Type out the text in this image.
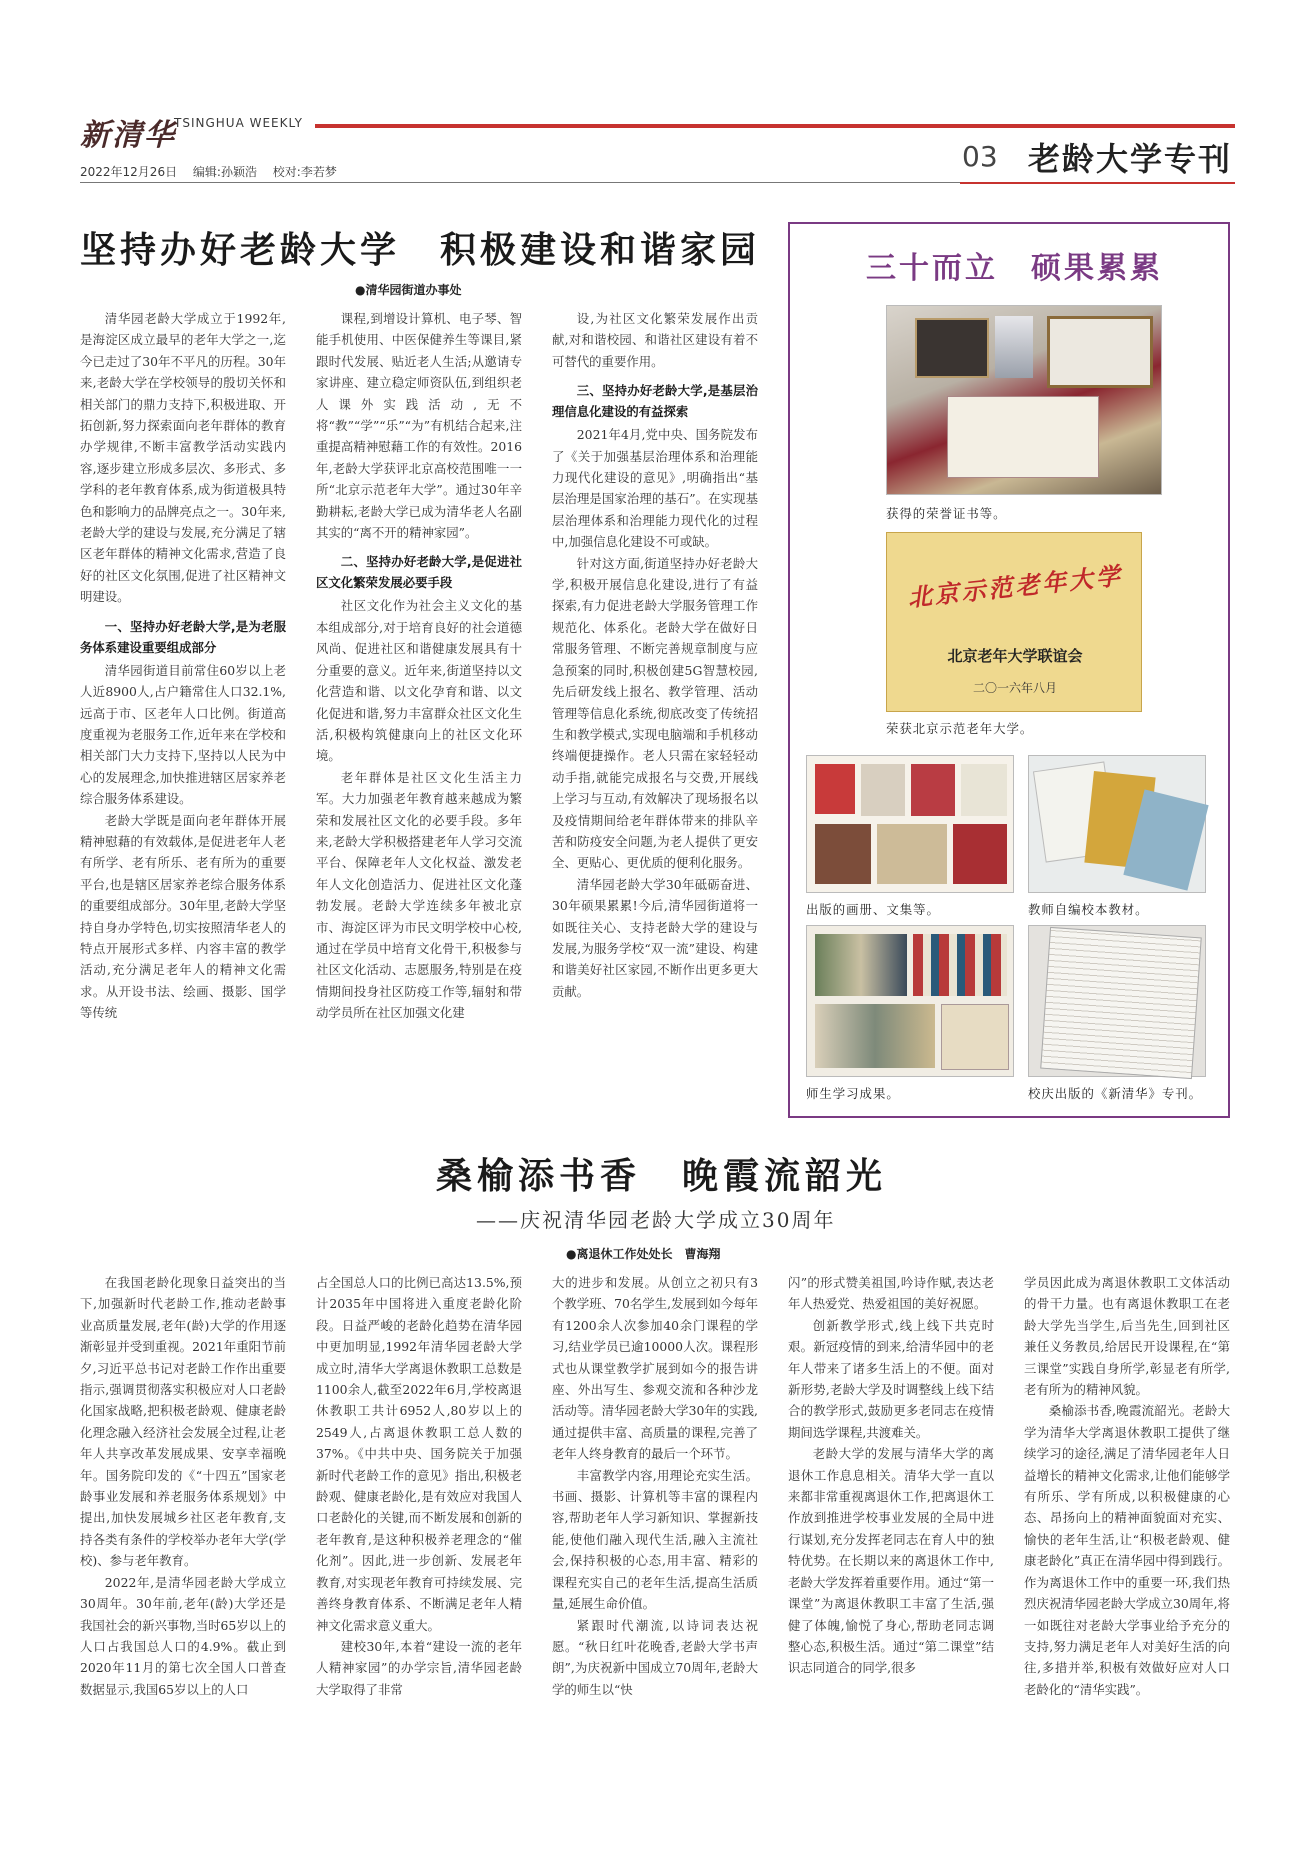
新清华
TSINGHUA WEEKLY
2022年12月26日 编辑:孙颖浩 校对:李若梦	03 老龄大学专刊
坚持办好老龄大学　积极建设和谐家园
●清华园街道办事处

清华园老龄大学成立于1992年,是海淀区成立最早的老年大学之一,迄今已走过了30年不平凡的历程。30年来,老龄大学在学校领导的殷切关怀和相关部门的鼎力支持下,积极进取、开拓创新,努力探索面向老年群体的教育办学规律,不断丰富教学活动实践内容,逐步建立形成多层次、多形式、多学科的老年教育体系,成为街道极具特色和影响力的品牌亮点之一。30年来,老龄大学的建设与发展,充分满足了辖区老年群体的精神文化需求,营造了良好的社区文化氛围,促进了社区精神文明建设。

一、坚持办好老龄大学,是为老服务体系建设重要组成部分

清华园街道目前常住60岁以上老人近8900人,占户籍常住人口32.1%,远高于市、区老年人口比例。街道高度重视为老服务工作,近年来在学校和相关部门大力支持下,坚持以人民为中心的发展理念,加快推进辖区居家养老综合服务体系建设。

老龄大学既是面向老年群体开展精神慰藉的有效载体,是促进老年人老有所学、老有所乐、老有所为的重要平台,也是辖区居家养老综合服务体系的重要组成部分。30年里,老龄大学坚持自身办学特色,切实按照清华老人的特点开展形式多样、内容丰富的教学活动,充分满足老年人的精神文化需求。从开设书法、绘画、摄影、国学等传统

课程,到增设计算机、电子琴、智能手机使用、中医保健养生等课目,紧跟时代发展、贴近老人生活;从邀请专家讲座、建立稳定师资队伍,到组织老人课外实践活动,无不将“教”“学”“乐”“为”有机结合起来,注重提高精神慰藉工作的有效性。2016年,老龄大学获评北京高校范围唯一一所“北京示范老年大学”。通过30年辛勤耕耘,老龄大学已成为清华老人名副其实的“离不开的精神家园”。

二、坚持办好老龄大学,是促进社区文化繁荣发展必要手段

社区文化作为社会主义文化的基本组成部分,对于培育良好的社会道德风尚、促进社区和谐健康发展具有十分重要的意义。近年来,街道坚持以文化营造和谐、以文化孕育和谐、以文化促进和谐,努力丰富群众社区文化生活,积极构筑健康向上的社区文化环境。

老年群体是社区文化生活主力军。大力加强老年教育越来越成为繁荣和发展社区文化的必要手段。多年来,老龄大学积极搭建老年人学习交流平台、保障老年人文化权益、激发老年人文化创造活力、促进社区文化蓬勃发展。老龄大学连续多年被北京市、海淀区评为市民文明学校中心校,通过在学员中培育文化骨干,积极参与社区文化活动、志愿服务,特别是在疫情期间投身社区防疫工作等,辐射和带动学员所在社区加强文化建

设,为社区文化繁荣发展作出贡献,对和谐校园、和谐社区建设有着不可替代的重要作用。

三、坚持办好老龄大学,是基层治理信息化建设的有益探索

2021年4月,党中央、国务院发布了《关于加强基层治理体系和治理能力现代化建设的意见》,明确指出“基层治理是国家治理的基石”。在实现基层治理体系和治理能力现代化的过程中,加强信息化建设不可或缺。

针对这方面,街道坚持办好老龄大学,积极开展信息化建设,进行了有益探索,有力促进老龄大学服务管理工作规范化、体系化。老龄大学在做好日常服务管理、不断完善规章制度与应急预案的同时,积极创建5G智慧校园,先后研发线上报名、教学管理、活动管理等信息化系统,彻底改变了传统招生和教学模式,实现电脑端和手机移动终端便捷操作。老人只需在家轻轻动动手指,就能完成报名与交费,开展线上学习与互动,有效解决了现场报名以及疫情期间给老年群体带来的排队辛苦和防疫安全问题,为老人提供了更安全、更贴心、更优质的便利化服务。

清华园老龄大学30年砥砺奋进、30年硕果累累!今后,清华园街道将一如既往关心、支持老龄大学的建设与发展,为服务学校“双一流”建设、构建和谐美好社区家园,不断作出更多更大贡献。

三十而立　硕果累累
获得的荣誉证书等。
北京示范老年大学
北京老年大学联谊会
二〇一六年八月
荣获北京示范老年大学。
出版的画册、文集等。	教师自编校本教材。
师生学习成果。	校庆出版的《新清华》专刊。
桑榆添书香　晚霞流韶光
——庆祝清华园老龄大学成立30周年
●离退休工作处处长　曹海翔

在我国老龄化现象日益突出的当下,加强新时代老龄工作,推动老龄事业高质量发展,老年(龄)大学的作用逐渐彰显并受到重视。2021年重阳节前夕,习近平总书记对老龄工作作出重要指示,强调贯彻落实积极应对人口老龄化国家战略,把积极老龄观、健康老龄化理念融入经济社会发展全过程,让老年人共享改革发展成果、安享幸福晚年。国务院印发的《“十四五”国家老龄事业发展和养老服务体系规划》中提出,加快发展城乡社区老年教育,支持各类有条件的学校举办老年大学(学校)、参与老年教育。

2022年,是清华园老龄大学成立30周年。30年前,老年(龄)大学还是我国社会的新兴事物,当时65岁以上的人口占我国总人口的4.9%。截止到2020年11月的第七次全国人口普查数据显示,我国65岁以上的人口

占全国总人口的比例已高达13.5%,预计2035年中国将进入重度老龄化阶段。日益严峻的老龄化趋势在清华园中更加明显,1992年清华园老龄大学成立时,清华大学离退休教职工总数是1100余人,截至2022年6月,学校离退休教职工共计6952人,80岁以上的2549人,占离退休教职工总人数的37%。《中共中央、国务院关于加强新时代老龄工作的意见》指出,积极老龄观、健康老龄化,是有效应对我国人口老龄化的关键,而不断发展和创新的老年教育,是这种积极养老理念的“催化剂”。因此,进一步创新、发展老年教育,对实现老年教育可持续发展、完善终身教育体系、不断满足老年人精神文化需求意义重大。

建校30年,本着“建设一流的老年人精神家园”的办学宗旨,清华园老龄大学取得了非常

大的进步和发展。从创立之初只有3个教学班、70名学生,发展到如今每年有1200余人次参加40余门课程的学习,结业学员已逾10000人次。课程形式也从课堂教学扩展到如今的报告讲座、外出写生、参观交流和各种沙龙活动等。清华园老龄大学30年的实践,通过提供丰富、高质量的课程,完善了老年人终身教育的最后一个环节。

丰富教学内容,用理论充实生活。书画、摄影、计算机等丰富的课程内容,帮助老年人学习新知识、掌握新技能,使他们融入现代生活,融入主流社会,保持积极的心态,用丰富、精彩的课程充实自己的老年生活,提高生活质量,延展生命价值。

紧跟时代潮流,以诗词表达祝愿。“秋日红叶花晚香,老龄大学书声朗”,为庆祝新中国成立70周年,老龄大学的师生以“快

闪”的形式赞美祖国,吟诗作赋,表达老年人热爱党、热爱祖国的美好祝愿。

创新教学形式,线上线下共克时艰。新冠疫情的到来,给清华园中的老年人带来了诸多生活上的不便。面对新形势,老龄大学及时调整线上线下结合的教学形式,鼓励更多老同志在疫情期间选学课程,共渡难关。

老龄大学的发展与清华大学的离退休工作息息相关。清华大学一直以来都非常重视离退休工作,把离退休工作放到推进学校事业发展的全局中进行谋划,充分发挥老同志在育人中的独特优势。在长期以来的离退休工作中,老龄大学发挥着重要作用。通过“第一课堂”为离退休教职工丰富了生活,强健了体魄,愉悦了身心,帮助老同志调整心态,积极生活。通过“第二课堂”结识志同道合的同学,很多

学员因此成为离退休教职工文体活动的骨干力量。也有离退休教职工在老龄大学先当学生,后当先生,回到社区兼任义务教员,给居民开设课程,在“第三课堂”实践自身所学,彰显老有所学,老有所为的精神风貌。

桑榆添书香,晚霞流韶光。老龄大学为清华大学离退休教职工提供了继续学习的途径,满足了清华园老年人日益增长的精神文化需求,让他们能够学有所乐、学有所成,以积极健康的心态、昂扬向上的精神面貌面对充实、愉快的老年生活,让“积极老龄观、健康老龄化”真正在清华园中得到践行。作为离退休工作中的重要一环,我们热烈庆祝清华园老龄大学成立30周年,将一如既往对老龄大学事业给予充分的支持,努力满足老年人对美好生活的向往,多措并举,积极有效做好应对人口老龄化的“清华实践”。
